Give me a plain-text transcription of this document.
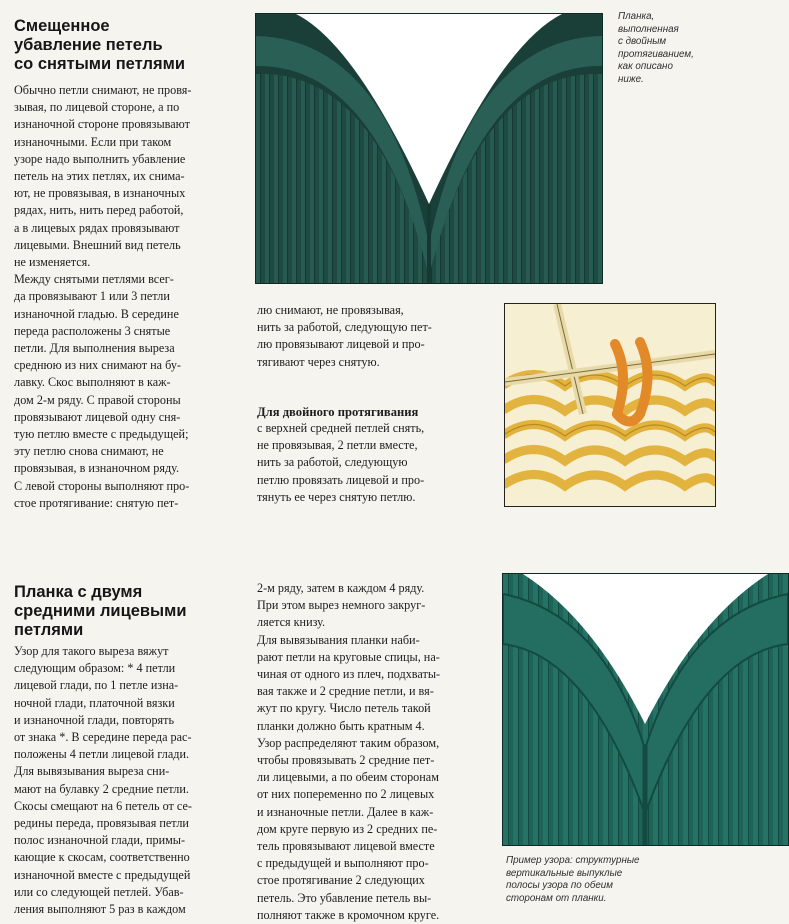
Смещенное
убавление петель
со снятыми петлями

Обычно петли снимают, не провя-
зывая, по лицевой стороне, а по
изнаночной стороне провязывают
изнаночными. Если при таком
узоре надо выполнить убавление
петель на этих петлях, их снима-
ют, не провязывая, в изнаночных
рядах, нить, нить перед работой,
а в лицевых рядах провязывают
лицевыми. Внешний вид петель
не изменяется.
Между снятыми петлями всег-
да провязывают 1 или 3 петли
изнаночной гладью. В середине
переда расположены 3 снятые
петли. Для выполнения выреза
среднюю из них снимают на бу-
лавку. Скос выполняют в каж-
дом 2-м ряду. С правой стороны
провязывают лицевой одну сня-
тую петлю вместе с предыдущей;
эту петлю снова снимают, не
провязывая, в изнаночном ряду.
С левой стороны выполняют про-
стое протягивание: снятую пет-

Планка,
выполненная
с двойным
протягиванием,
как описано
ниже.

лю снимают, не провязывая,
нить за работой, следующую пет-
лю провязывают лицевой и про-
тягивают через снятую.

Для двойного протягивания

с верхней средней петлей снять,
не провязывая, 2 петли вместе,
нить за работой, следующую
петлю провязать лицевой и про-
тянуть ее через снятую петлю.

Планка с двумя
средними лицевыми
петлями

Узор для такого выреза вяжут
следующим образом: * 4 петли
лицевой глади, по 1 петле изна-
ночной глади, платочной вязки
и изнаночной глади, повторять
от знака *. В середине переда рас-
положены 4 петли лицевой глади.
Для вывязывания выреза сни-
мают на булавку 2 средние петли.
Скосы смещают на 6 петель от се-
редины переда, провязывая петли
полос изнаночной глади, примы-
кающие к скосам, соответственно
изнаночной вместе с предыдущей
или со следующей петлей. Убав-
ления выполняют 5 раз в каждом

2-м ряду, затем в каждом 4 ряду.
При этом вырез немного закруг-
ляется книзу.
Для вывязывания планки наби-
рают петли на круговые спицы, на-
чиная от одного из плеч, подхваты-
вая также и 2 средние петли, и вя-
жут по кругу. Число петель такой
планки должно быть кратным 4.
Узор распределяют таким образом,
чтобы провязывать 2 средние пет-
ли лицевыми, а по обеим сторонам
от них попеременно по 2 лицевых
и изнаночные петли. Далее в каж-
дом круге первую из 2 средних пе-
тель провязывают лицевой вместе
с предыдущей и выполняют про-
стое протягивание 2 следующих
петель. Это убавление петель вы-
полняют также в кромочном круге.

Пример узора: структурные
вертикальные выпуклые
полосы узора по обеим
сторонам от планки.
